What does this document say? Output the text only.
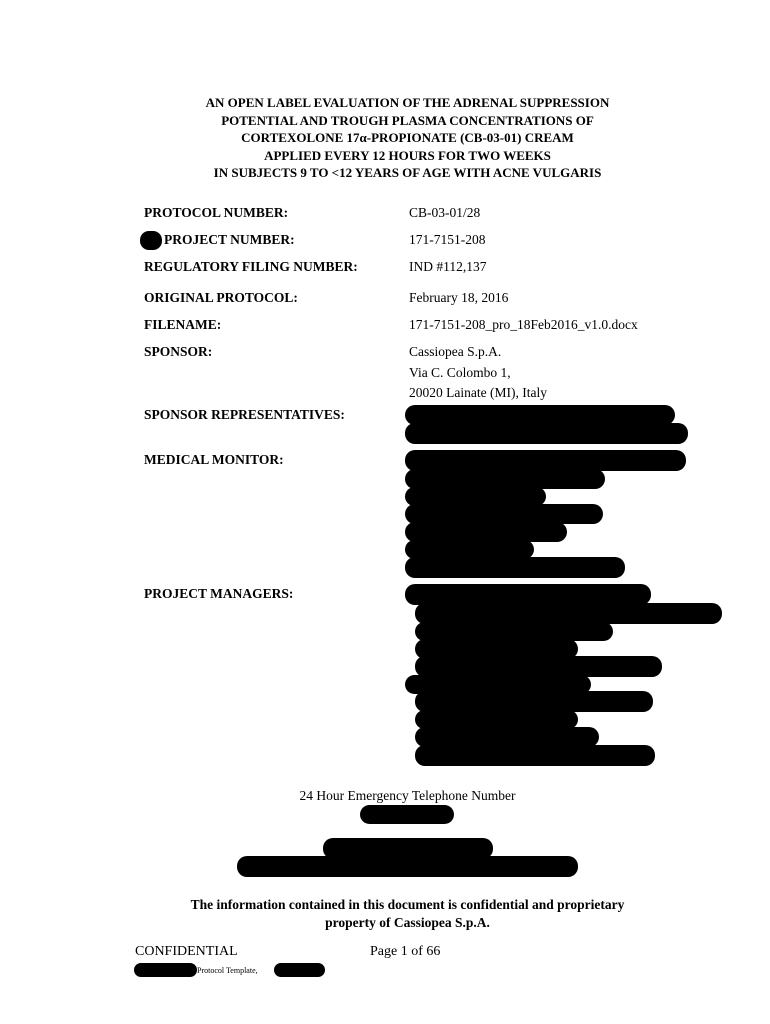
AN OPEN LABEL EVALUATION OF THE ADRENAL SUPPRESSION
POTENTIAL AND TROUGH PLASMA CONCENTRATIONS OF
CORTEXOLONE 17α-PROPIONATE (CB-03-01) CREAM
APPLIED EVERY 12 HOURS FOR TWO WEEKS
IN SUBJECTS 9 TO <12 YEARS OF AGE WITH ACNE VULGARIS
PROTOCOL NUMBER:	CB-03-01/28
PROJECT NUMBER:	171-7151-208
REGULATORY FILING NUMBER:	IND #112,137
ORIGINAL PROTOCOL:	February 18, 2016
FILENAME:	171-7151-208_pro_18Feb2016_v1.0.docx
SPONSOR:	Cassiopea S.p.A.
Via C. Colombo 1,
20020 Lainate (MI), Italy
SPONSOR REPRESENTATIVES:
MEDICAL MONITOR:
PROJECT MANAGERS:
24 Hour Emergency Telephone Number
The information contained in this document is confidential and proprietary
property of Cassiopea S.p.A.
CONFIDENTIAL	Page 1 of 66
Protocol Template,
